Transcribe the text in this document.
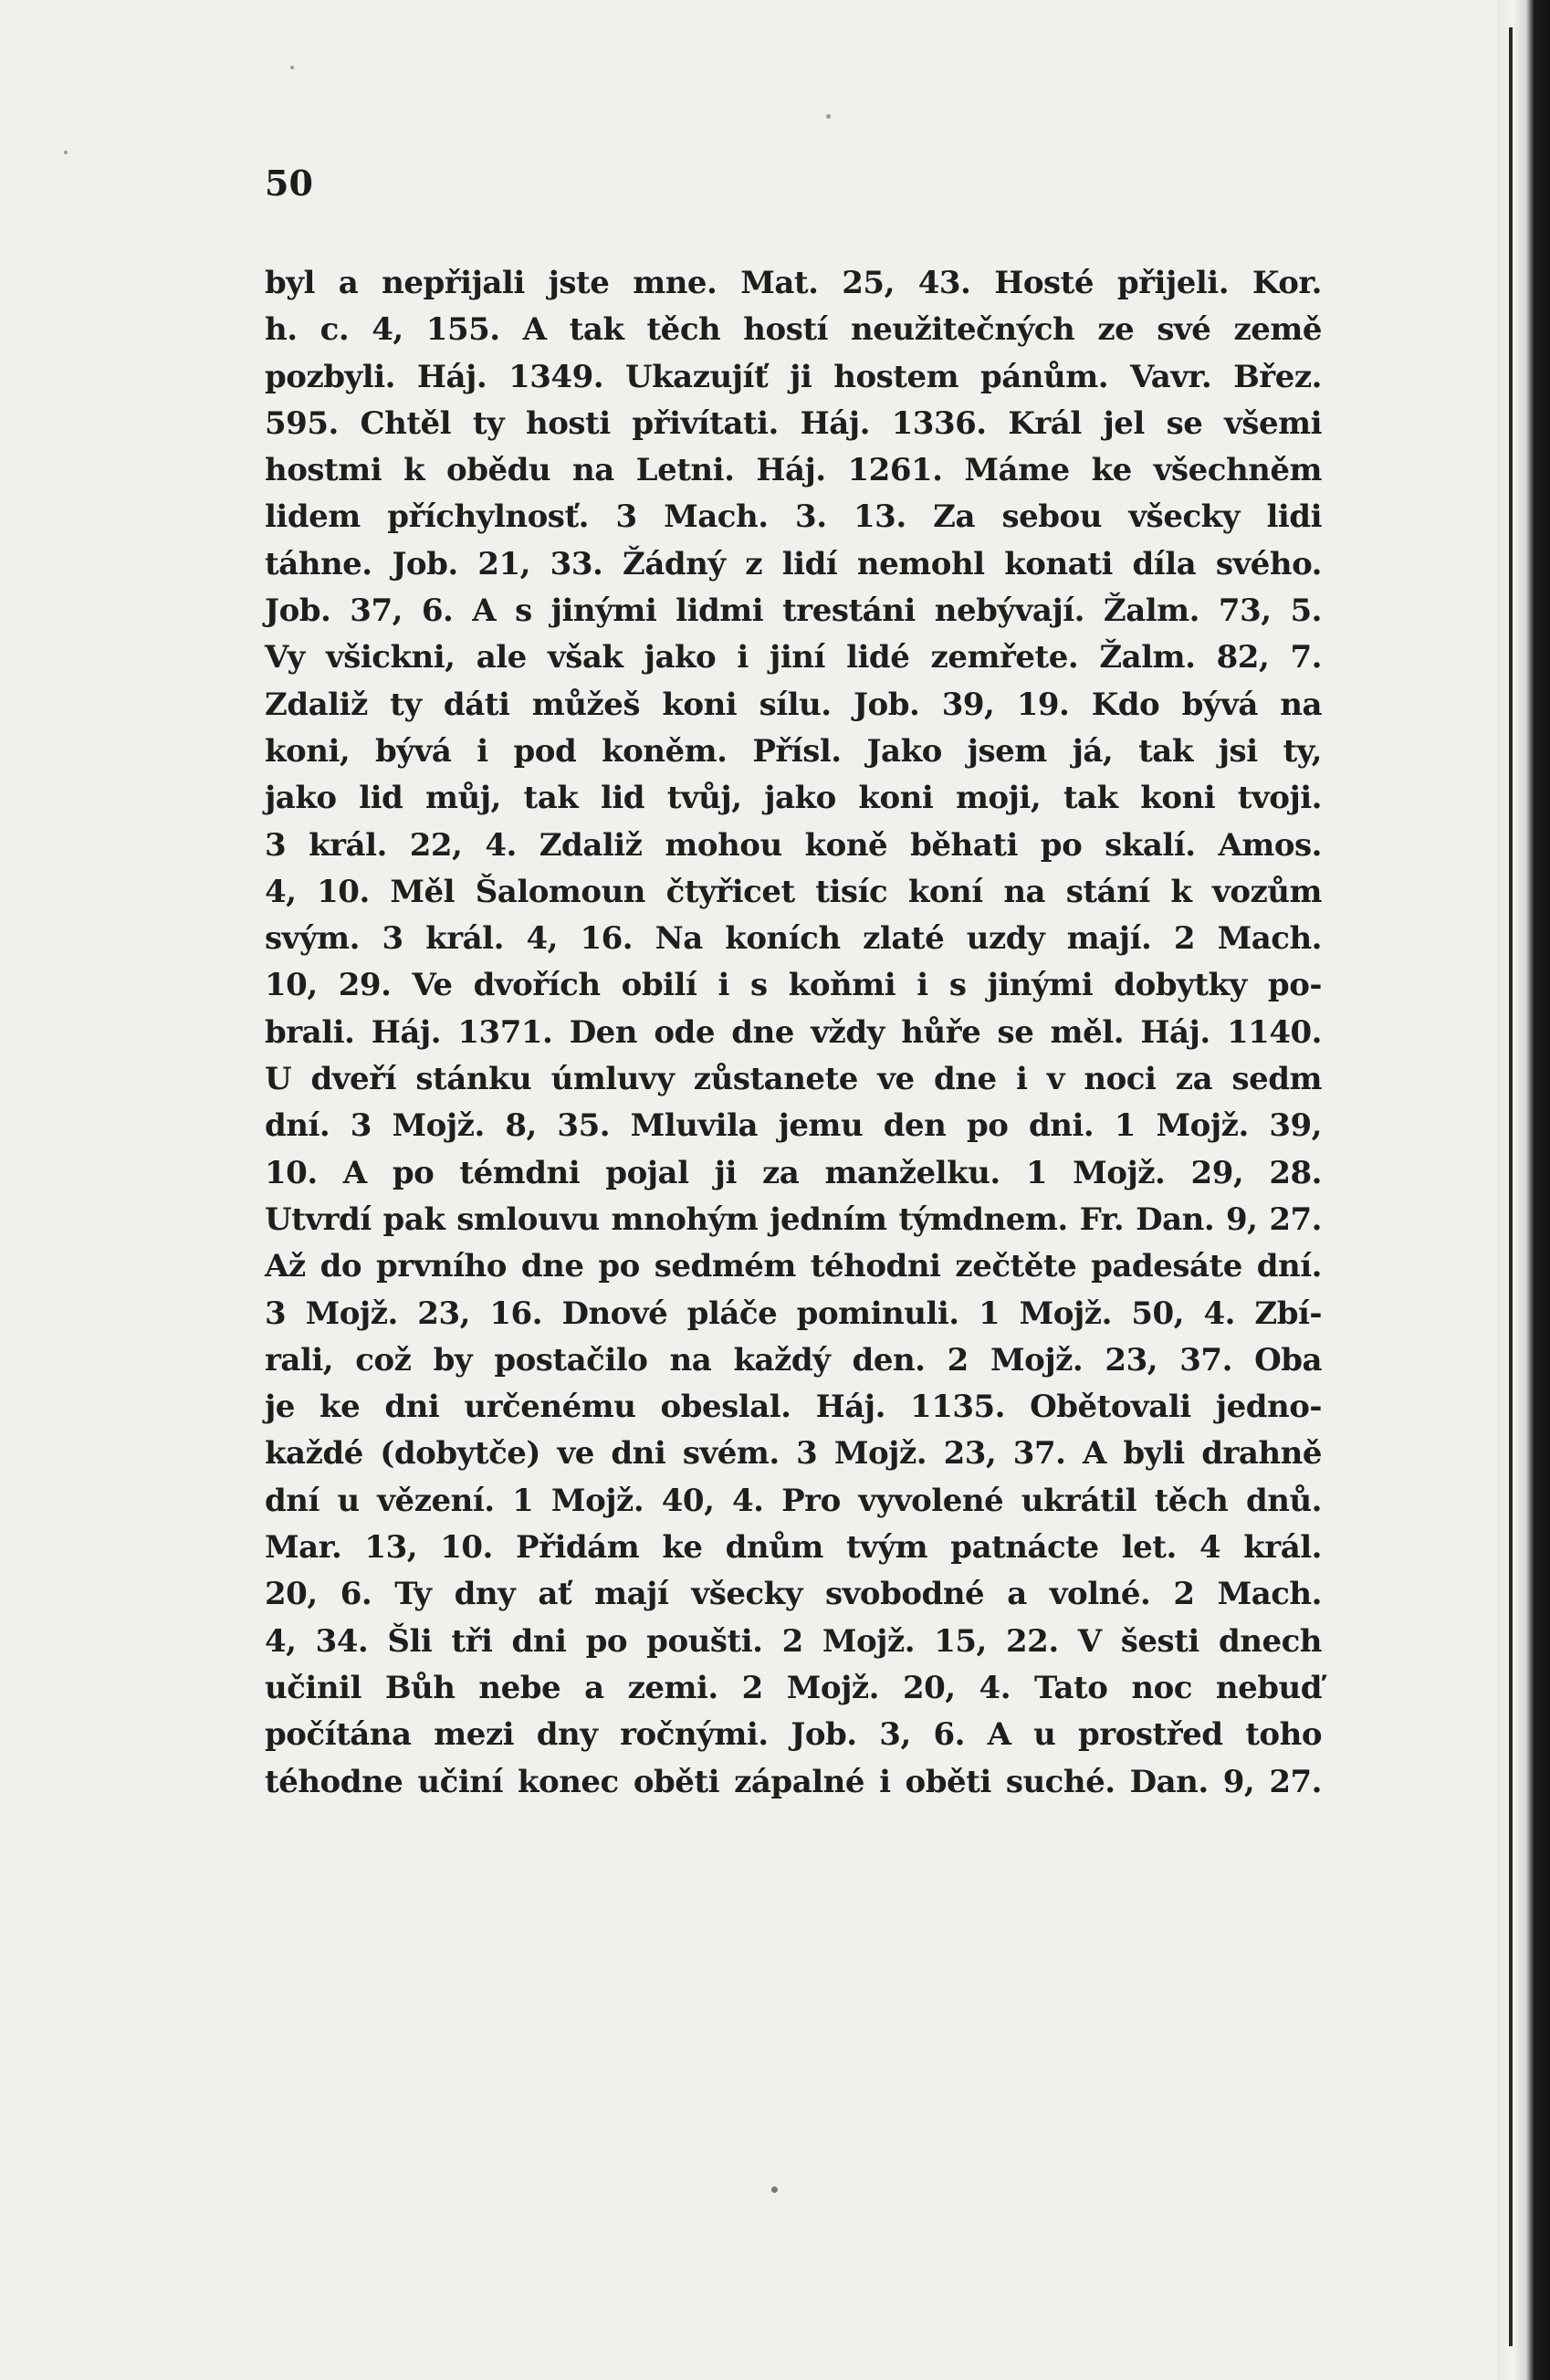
50
byl a nepřijali jste mne. Mat. 25, 43. Hosté přijeli. Kor.
h. c. 4, 155. A tak těch hostí neužitečných ze své země
pozbyli. Háj. 1349. Ukazujíť ji hostem pánům. Vavr. Břez.
595. Chtěl ty hosti přivítati. Háj. 1336. Král jel se všemi
hostmi k obědu na Letni. Háj. 1261. Máme ke všechněm
lidem příchylnosť. 3 Mach. 3. 13. Za sebou všecky lidi
táhne. Job. 21, 33. Žádný z lidí nemohl konati díla svého.
Job. 37, 6. A s jinými lidmi trestáni nebývají. Žalm. 73, 5.
Vy všickni, ale však jako i jiní lidé zemřete. Žalm. 82, 7.
Zdaliž ty dáti můžeš koni sílu. Job. 39, 19. Kdo bývá na
koni, bývá i pod koněm. Přísl. Jako jsem já, tak jsi ty,
jako lid můj, tak lid tvůj, jako koni moji, tak koni tvoji.
3 král. 22, 4. Zdaliž mohou koně běhati po skalí. Amos.
4, 10. Měl Šalomoun čtyřicet tisíc koní na stání k vozům
svým. 3 král. 4, 16. Na koních zlaté uzdy mají. 2 Mach.
10, 29. Ve dvořích obilí i s koňmi i s jinými dobytky po-
brali. Háj. 1371. Den ode dne vždy hůře se měl. Háj. 1140.
U dveří stánku úmluvy zůstanete ve dne i v noci za sedm
dní. 3 Mojž. 8, 35. Mluvila jemu den po dni. 1 Mojž. 39,
10. A po témdni pojal ji za manželku. 1 Mojž. 29, 28.
Utvrdí pak smlouvu mnohým jedním týmdnem. Fr. Dan. 9, 27.
Až do prvního dne po sedmém téhodni zečtěte padesáte dní.
3 Mojž. 23, 16. Dnové pláče pominuli. 1 Mojž. 50, 4. Zbí-
rali, což by postačilo na každý den. 2 Mojž. 23, 37. Oba
je ke dni určenému obeslal. Háj. 1135. Obětovali jedno-
každé (dobytče) ve dni svém. 3 Mojž. 23, 37. A byli drahně
dní u vězení. 1 Mojž. 40, 4. Pro vyvolené ukrátil těch dnů.
Mar. 13, 10. Přidám ke dnům tvým patnácte let. 4 král.
20, 6. Ty dny ať mají všecky svobodné a volné. 2 Mach.
4, 34. Šli tři dni po poušti. 2 Mojž. 15, 22. V šesti dnech
učinil Bůh nebe a zemi. 2 Mojž. 20, 4. Tato noc nebuď
počítána mezi dny ročnými. Job. 3, 6. A u prostřed toho
téhodne učiní konec oběti zápalné i oběti suché. Dan. 9, 27.
